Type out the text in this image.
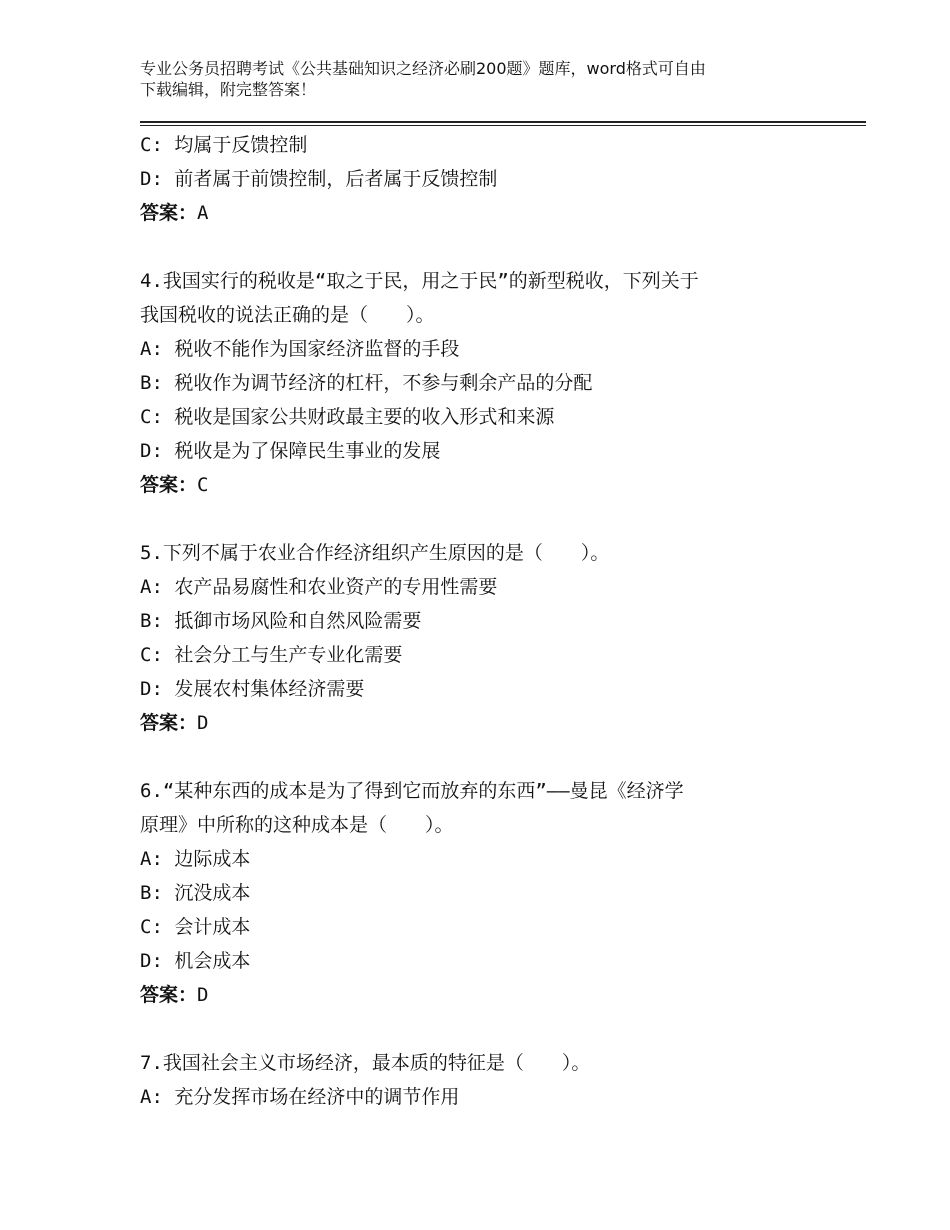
专业公务员招聘考试《公共基础知识之经济必刷200题》题库，word格式可自由
下载编辑，附完整答案！
C: 均属于反馈控制
D: 前者属于前馈控制，后者属于反馈控制
答案：A
4.我国实行的税收是“取之于民，用之于民”的新型税收，下列关于
我国税收的说法正确的是（　　）。
A: 税收不能作为国家经济监督的手段
B: 税收作为调节经济的杠杆，不参与剩余产品的分配
C: 税收是国家公共财政最主要的收入形式和来源
D: 税收是为了保障民生事业的发展
答案：C
5.下列不属于农业合作经济组织产生原因的是（　　）。
A: 农产品易腐性和农业资产的专用性需要
B: 抵御市场风险和自然风险需要
C: 社会分工与生产专业化需要
D: 发展农村集体经济需要
答案：D
6.“某种东西的成本是为了得到它而放弃的东西”——曼昆《经济学
原理》中所称的这种成本是（　　）。
A: 边际成本
B: 沉没成本
C: 会计成本
D: 机会成本
答案：D
7.我国社会主义市场经济，最本质的特征是（　　）。
A: 充分发挥市场在经济中的调节作用
